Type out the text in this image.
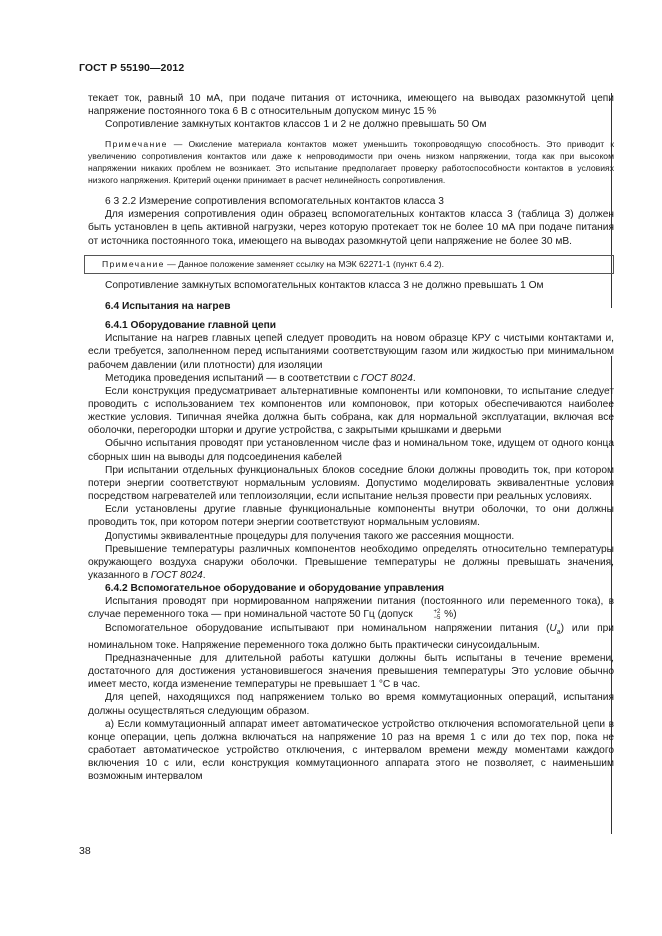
ГОСТ Р 55190—2012

текает ток, равный 10 мА, при подаче питания от источника, имеющего на выводах разомкнутой цепи напряжение постоянного тока 6 В с относительным допуском минус 15 %

Сопротивление замкнутых контактов классов 1 и 2 не должно превышать 50 Ом

Примечание — Окисление материала контактов может уменьшить токопроводящую способность. Это приводит к увеличению сопротивления контактов или даже к непроводимости при очень низком напряжении, тогда как при высоком напряжении никаких проблем не возникает. Это испытание предполагает проверку работоспособности контактов в условиях низкого напряжения. Критерий оценки принимает в расчет нелинейность сопротивления.

6 3 2.2 Измерение сопротивления вспомогательных контактов класса 3

Для измерения сопротивления один образец вспомогательных контактов класса 3 (таблица 3) должен быть установлен в цепь активной нагрузки, через которую протекает ток не более 10 мА при подаче питания от источника постоянного тока, имеющего на выводах разомкнутой цепи напряжение не более 30 мВ.

Примечание — Данное положение заменяет ссылку на МЭК 62271-1 (пункт 6.4 2).

Сопротивление замкнутых вспомогательных контактов класса 3 не должно превышать 1 Ом

6.4 Испытания на нагрев

6.4.1 Оборудование главной цепи

Испытание на нагрев главных цепей следует проводить на новом образце КРУ с чистыми контактами и, если требуется, заполненном перед испытаниями соответствующим газом или жидкостью при минимальном рабочем давлении (или плотности) для изоляции

Методика проведения испытаний — в соответствии с ГОСТ 8024.

Если конструкция предусматривает альтернативные компоненты или компоновки, то испытание следует проводить с использованием тех компонентов или компоновок, при которых обеспечиваются наиболее жесткие условия. Типичная ячейка должна быть собрана, как для нормальной эксплуатации, включая все оболочки, перегородки шторки и другие устройства, с закрытыми крышками и дверьми

Обычно испытания проводят при установленном числе фаз и номинальном токе, идущем от одного конца сборных шин на выводы для подсоединения кабелей

При испытании отдельных функциональных блоков соседние блоки должны проводить ток, при котором потери энергии соответствуют нормальным условиям. Допустимо моделировать эквивалентные условия посредством нагревателей или теплоизоляции, если испытание нельзя провести при реальных условиях.

Если установлены другие главные функциональные компоненты внутри оболочки, то они должны проводить ток, при котором потери энергии соответствуют нормальным условиям.

Допустимы эквивалентные процедуры для получения такого же рассеяния мощности.

Превышение температуры различных компонентов необходимо определять относительно температуры окружающего воздуха снаружи оболочки. Превышение температуры не должны превышать значения, указанного в ГОСТ 8024.

6.4.2 Вспомогательное оборудование и оборудование управления

Испытания проводят при нормированном напряжении питания (постоянного или переменного тока), в случае переменного тока — при номинальной частоте 50 Гц (допуск	+2
−5 %)

Вспомогательное оборудование испытывают при номинальном напряжении питания $(U_a)$ или при номинальном токе. Напряжение переменного тока должно быть практически синусоидальным.

Предназначенные для длительной работы катушки должны быть испытаны в течение времени, достаточного для достижения установившегося значения превышения температуры Это условие обычно имеет место, когда изменение температуры не превышает 1 °C в час.

Для цепей, находящихся под напряжением только во время коммутационных операций, испытания должны осуществляться следующим образом.

а) Если коммутационный аппарат имеет автоматическое устройство отключения вспомогательной цепи в конце операции, цепь должна включаться на напряжение 10 раз на время 1 с или до тех пор, пока не сработает автоматическое устройство отключения, с интервалом времени между моментами каждого включения 10 с или, если конструкция коммутационного аппарата этого не позволяет, с наименьшим возможным интервалом

38
